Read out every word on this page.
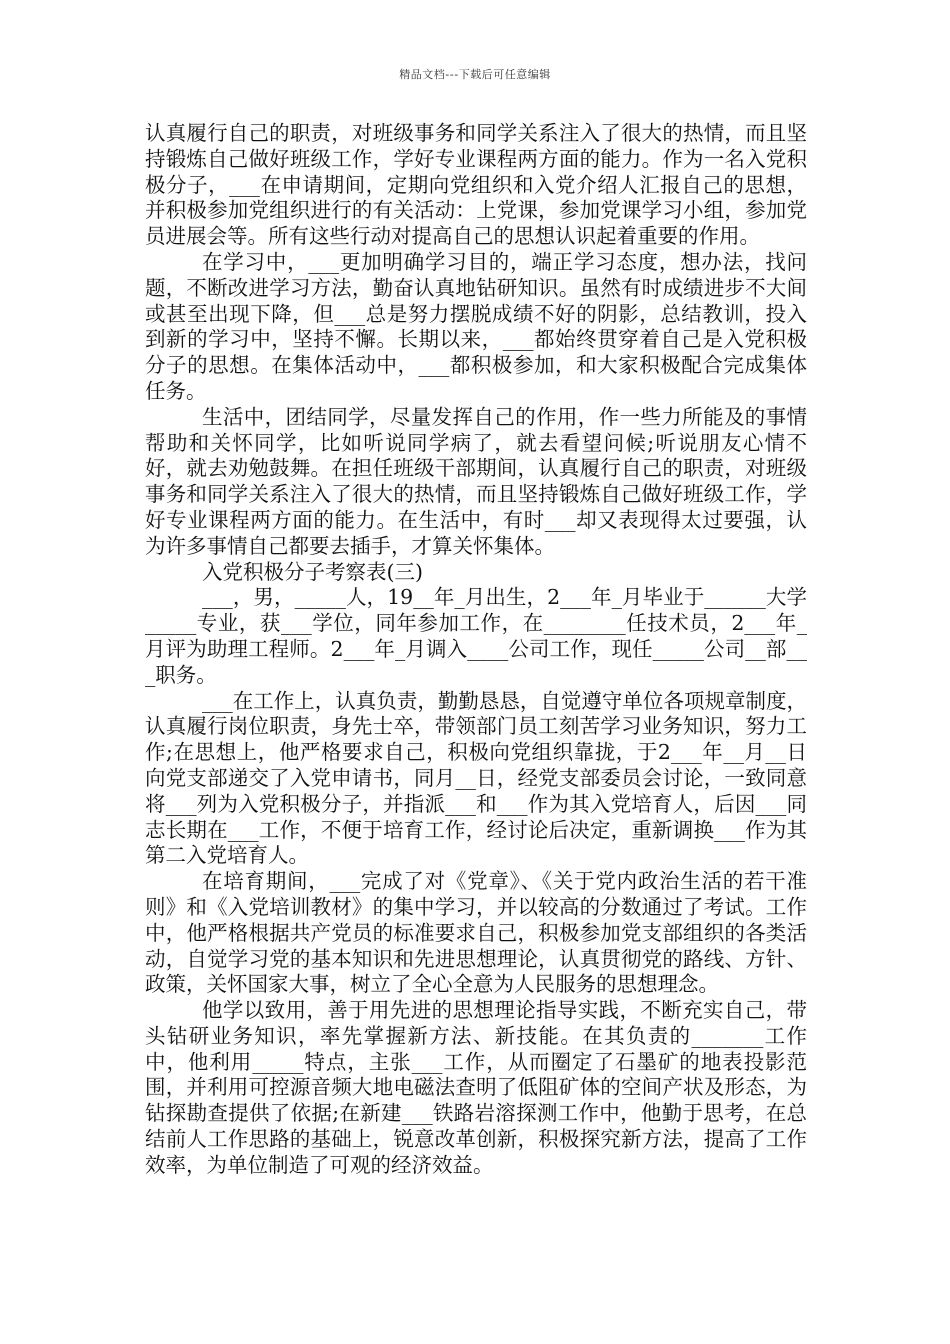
精品文档---下载后可任意编辑

认真履行自己的职责，对班级事务和同学关系注入了很大的热情，而且坚持锻炼自己做好班级工作，学好专业课程两方面的能力。作为一名入党积极分子，___在申请期间，定期向党组织和入党介绍人汇报自己的思想，并积极参加党组织进行的有关活动：上党课，参加党课学习小组，参加党员进展会等。所有这些行动对提高自己的思想认识起着重要的作用。

在学习中，___更加明确学习目的，端正学习态度，想办法，找问题，不断改进学习方法，勤奋认真地钻研知识。虽然有时成绩进步不大间或甚至出现下降，但___总是努力摆脱成绩不好的阴影，总结教训，投入到新的学习中，坚持不懈。长期以来，___都始终贯穿着自己是入党积极分子的思想。在集体活动中，___都积极参加，和大家积极配合完成集体任务。

生活中，团结同学，尽量发挥自己的作用，作一些力所能及的事情帮助和关怀同学，比如听说同学病了，就去看望问候;听说朋友心情不好，就去劝勉鼓舞。在担任班级干部期间，认真履行自己的职责，对班级事务和同学关系注入了很大的热情，而且坚持锻炼自己做好班级工作，学好专业课程两方面的能力。在生活中，有时___却又表现得太过要强，认为许多事情自己都要去插手，才算关怀集体。

入党积极分子考察表(三)

___，男，_____人，19__年_月出生，2___年_月毕业于______大学_____专业，获___学位，同年参加工作，在________任技术员，2___年_月评为助理工程师。2___年_月调入____公司工作，现任_____公司__部___职务。

___在工作上，认真负责，勤勤恳恳，自觉遵守单位各项规章制度，认真履行岗位职责，身先士卒，带领部门员工刻苦学习业务知识，努力工作;在思想上，他严格要求自己，积极向党组织靠拢，于2___年__月__日向党支部递交了入党申请书，同月__日，经党支部委员会讨论，一致同意将___列为入党积极分子，并指派___和___作为其入党培育人，后因___同志长期在___工作，不便于培育工作，经讨论后决定，重新调换___作为其第二入党培育人。

在培育期间，___完成了对《党章》、《关于党内政治生活的若干准则》和《入党培训教材》的集中学习，并以较高的分数通过了考试。工作中，他严格根据共产党员的标准要求自己，积极参加党支部组织的各类活动，自觉学习党的基本知识和先进思想理论，认真贯彻党的路线、方针、政策，关怀国家大事，树立了全心全意为人民服务的思想理念。

他学以致用，善于用先进的思想理论指导实践，不断充实自己，带头钻研业务知识，率先掌握新方法、新技能。在其负责的_______工作中，他利用_____特点，主张___工作，从而圈定了石墨矿的地表投影范围，并利用可控源音频大地电磁法查明了低阻矿体的空间产状及形态，为钻探勘查提供了依据;在新建___铁路岩溶探测工作中，他勤于思考，在总结前人工作思路的基础上，锐意改革创新，积极探究新方法，提高了工作效率，为单位制造了可观的经济效益。
